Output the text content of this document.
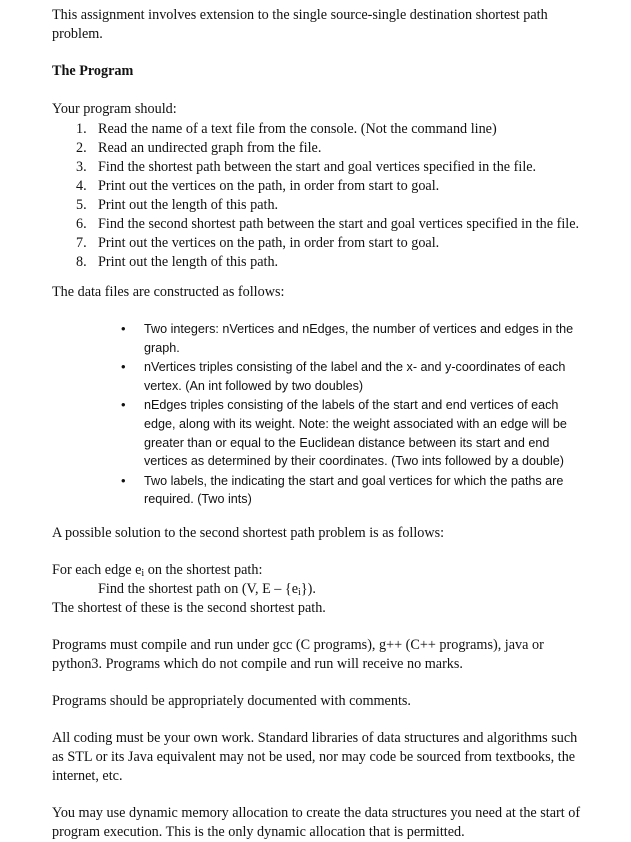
This assignment involves extension to the single source-single destination shortest path problem.

The Program

Your program should:

1. Read the name of a text file from the console. (Not the command line)
2. Read an undirected graph from the file.
3. Find the shortest path between the start and goal vertices specified in the file.
4. Print out the vertices on the path, in order from start to goal.
5. Print out the length of this path.
6. Find the second shortest path between the start and goal vertices specified in the file.
7. Print out the vertices on the path, in order from start to goal.
8. Print out the length of this path.

The data files are constructed as follows:

• Two integers: nVertices and nEdges, the number of vertices and edges in the graph.
• nVertices triples consisting of the label and the x- and y-coordinates of each vertex. (An int followed by two doubles)
• nEdges triples consisting of the labels of the start and end vertices of each edge, along with its weight. Note: the weight associated with an edge will be greater than or equal to the Euclidean distance between its start and end vertices as determined by their coordinates. (Two ints followed by a double)
• Two labels, the indicating the start and goal vertices for which the paths are required. (Two ints)

A possible solution to the second shortest path problem is as follows:

For each edge $e_i$ on the shortest path:

Find the shortest path on (V, E – $\{e_i\}$).

The shortest of these is the second shortest path.

Programs must compile and run under gcc (C programs), g++ (C++ programs), java or python3. Programs which do not compile and run will receive no marks.

Programs should be appropriately documented with comments.

All coding must be your own work. Standard libraries of data structures and algorithms such as STL or its Java equivalent may not be used, nor may code be sourced from textbooks, the internet, etc.

You may use dynamic memory allocation to create the data structures you need at the start of program execution. This is the only dynamic allocation that is permitted.
